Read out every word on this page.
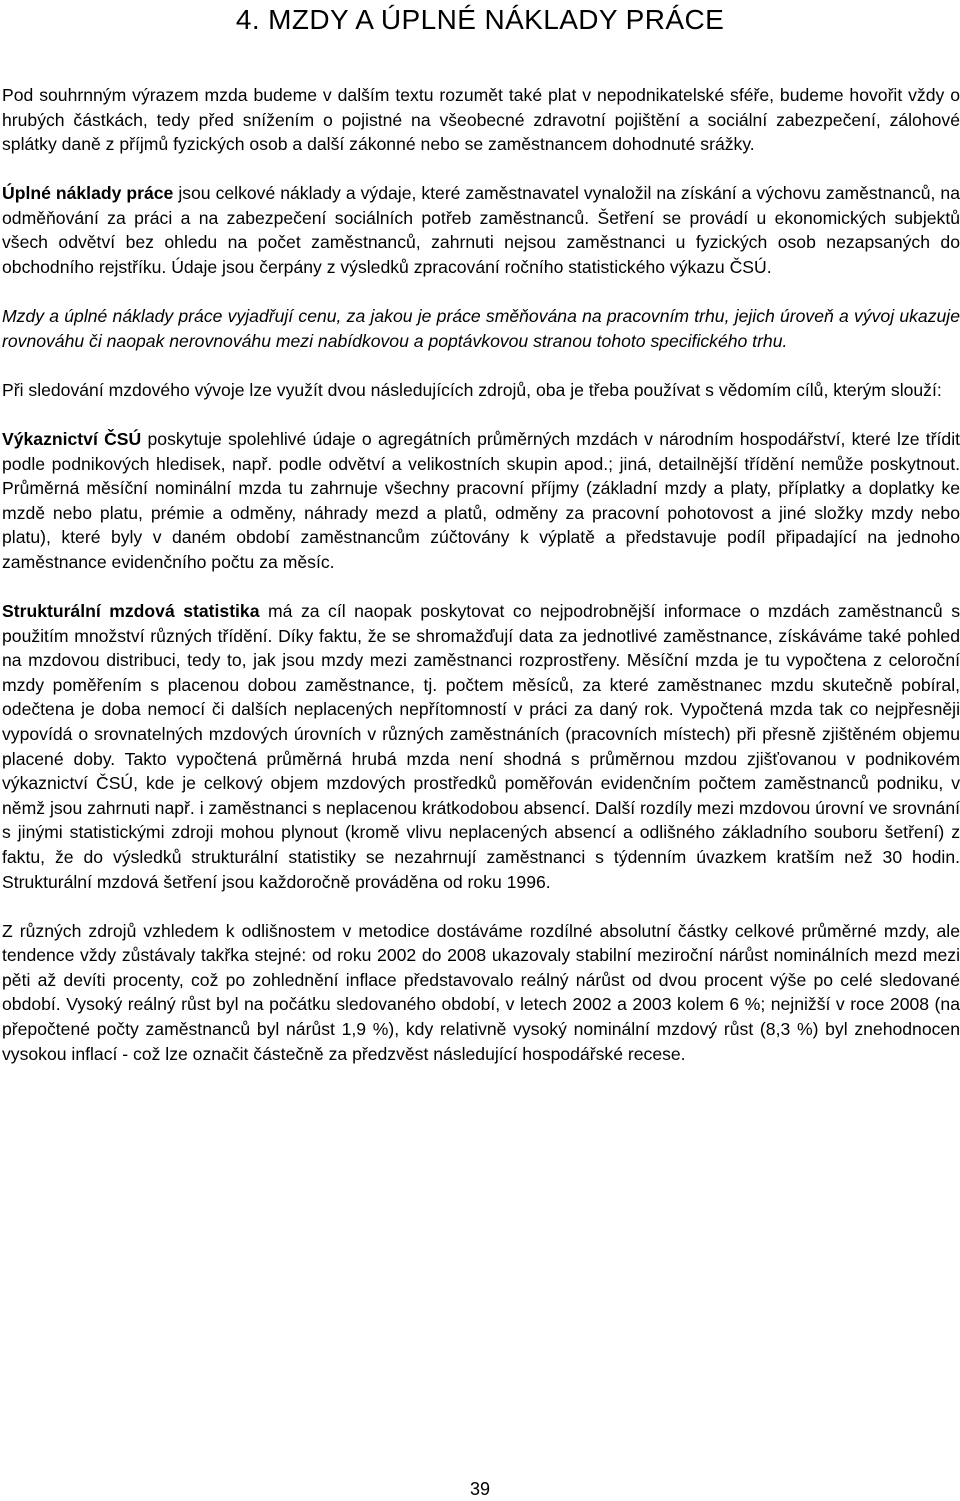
4. MZDY A ÚPLNÉ NÁKLADY PRÁCE

Pod souhrnným výrazem mzda budeme v dalším textu rozumět také plat v nepodnikatelské sféře, budeme hovořit vždy o hrubých částkách, tedy před snížením o pojistné na všeobecné zdravotní pojištění a sociální zabezpečení, zálohové splátky daně z příjmů fyzických osob a další zákonné nebo se zaměstnancem dohodnuté srážky.

Úplné náklady práce jsou celkové náklady a výdaje, které zaměstnavatel vynaložil na získání a výchovu zaměstnanců, na odměňování za práci a na zabezpečení sociálních potřeb zaměstnanců. Šetření se provádí u ekonomických subjektů všech odvětví bez ohledu na počet zaměstnanců, zahrnuti nejsou zaměstnanci u fyzických osob nezapsaných do obchodního rejstříku. Údaje jsou čerpány z výsledků zpracování ročního statistického výkazu ČSÚ.

Mzdy a úplné náklady práce vyjadřují cenu, za jakou je práce směňována na pracovním trhu, jejich úroveň a vývoj ukazuje rovnováhu či naopak nerovnováhu mezi nabídkovou a poptávkovou stranou tohoto specifického trhu.

Při sledování mzdového vývoje lze využít dvou následujících zdrojů, oba je třeba používat s vědomím cílů, kterým slouží:

Výkaznictví ČSÚ poskytuje spolehlivé údaje o agregátních průměrných mzdách v národním hospodářství, které lze třídit podle podnikových hledisek, např. podle odvětví a velikostních skupin apod.; jiná, detailnější třídění nemůže poskytnout. Průměrná měsíční nominální mzda tu zahrnuje všechny pracovní příjmy (základní mzdy a platy, příplatky a doplatky ke mzdě nebo platu, prémie a odměny, náhrady mezd a platů, odměny za pracovní pohotovost a jiné složky mzdy nebo platu), které byly v daném období zaměstnancům zúčtovány k výplatě a představuje podíl připadající na jednoho zaměstnance evidenčního počtu za měsíc.

Strukturální mzdová statistika má za cíl naopak poskytovat co nejpodrobnější informace o mzdách zaměstnanců s použitím množství různých třídění. Díky faktu, že se shromažďují data za jednotlivé zaměstnance, získáváme také pohled na mzdovou distribuci, tedy to, jak jsou mzdy mezi zaměstnanci rozprostřeny. Měsíční mzda je tu vypočtena z celoroční mzdy poměřením s placenou dobou zaměstnance, tj. počtem měsíců, za které zaměstnanec mzdu skutečně pobíral, odečtena je doba nemocí či dalších neplacených nepřítomností v práci za daný rok. Vypočtená mzda tak co nejpřesněji vypovídá o srovnatelných mzdových úrovních v různých zaměstnáních (pracovních místech) při přesně zjištěném objemu placené doby. Takto vypočtená průměrná hrubá mzda není shodná s průměrnou mzdou zjišťovanou v podnikovém výkaznictví ČSÚ, kde je celkový objem mzdových prostředků poměřován evidenčním počtem zaměstnanců podniku, v němž jsou zahrnuti např. i zaměstnanci s neplacenou krátkodobou absencí. Další rozdíly mezi mzdovou úrovní ve srovnání s jinými statistickými zdroji mohou plynout (kromě vlivu neplacených absencí a odlišného základního souboru šetření) z faktu, že do výsledků strukturální statistiky se nezahrnují zaměstnanci s týdenním úvazkem kratším než 30 hodin. Strukturální mzdová šetření jsou každoročně prováděna od roku 1996.

Z různých zdrojů vzhledem k odlišnostem v metodice dostáváme rozdílné absolutní částky celkové průměrné mzdy, ale tendence vždy zůstávaly takřka stejné: od roku 2002 do 2008 ukazovaly stabilní meziroční nárůst nominálních mezd mezi pěti až devíti procenty, což po zohlednění inflace představovalo reálný nárůst od dvou procent výše po celé sledované období. Vysoký reálný růst byl na počátku sledovaného období, v letech 2002 a 2003 kolem 6 %; nejnižší v roce 2008 (na přepočtené počty zaměstnanců byl nárůst 1,9 %), kdy relativně vysoký nominální mzdový růst (8,3 %) byl znehodnocen vysokou inflací - což lze označit částečně za předzvěst následující hospodářské recese.

39
